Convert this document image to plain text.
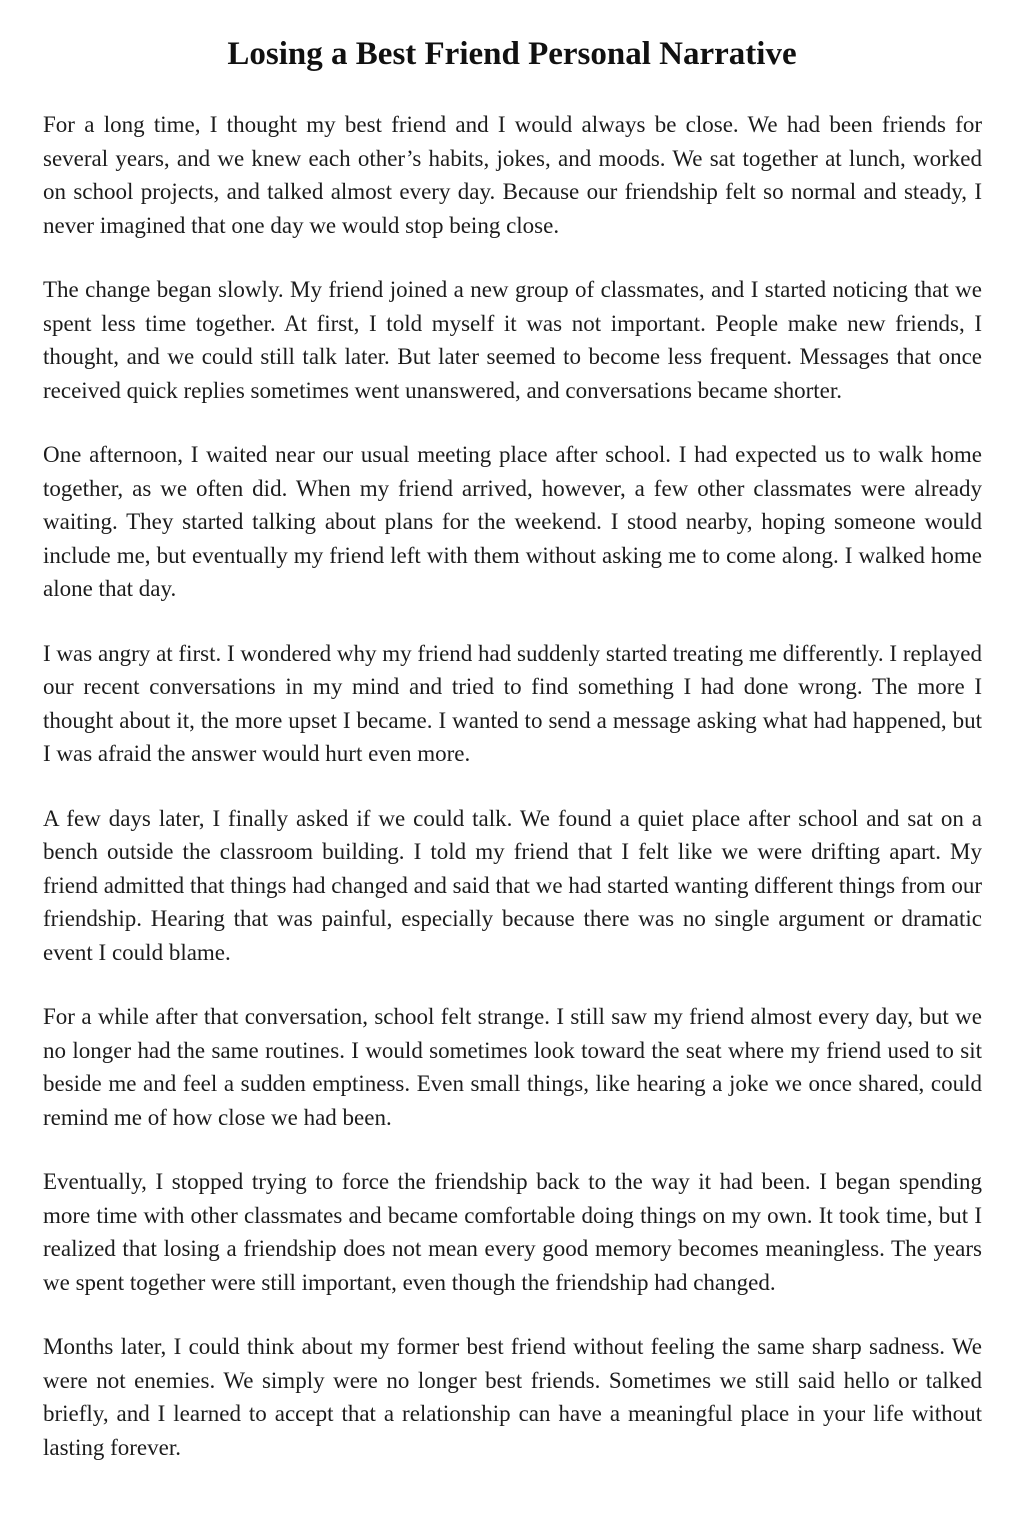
Losing a Best Friend Personal Narrative

For a long time, I thought my best friend and I would always be close. We had been friends for several years, and we knew each other’s habits, jokes, and moods. We sat together at lunch, worked on school projects, and talked almost every day. Because our friendship felt so normal and steady, I never imagined that one day we would stop being close.

The change began slowly. My friend joined a new group of classmates, and I started noticing that we spent less time together. At first, I told myself it was not important. People make new friends, I thought, and we could still talk later. But later seemed to become less frequent. Messages that once received quick replies sometimes went unanswered, and conversations became shorter.

One afternoon, I waited near our usual meeting place after school. I had expected us to walk home together, as we often did. When my friend arrived, however, a few other classmates were already waiting. They started talking about plans for the weekend. I stood nearby, hoping someone would include me, but eventually my friend left with them without asking me to come along. I walked home alone that day.

I was angry at first. I wondered why my friend had suddenly started treating me differently. I replayed our recent conversations in my mind and tried to find something I had done wrong. The more I thought about it, the more upset I became. I wanted to send a message asking what had happened, but I was afraid the answer would hurt even more.

A few days later, I finally asked if we could talk. We found a quiet place after school and sat on a bench outside the classroom building. I told my friend that I felt like we were drifting apart. My friend admitted that things had changed and said that we had started wanting different things from our friendship. Hearing that was painful, especially because there was no single argument or dramatic event I could blame.

For a while after that conversation, school felt strange. I still saw my friend almost every day, but we no longer had the same routines. I would sometimes look toward the seat where my friend used to sit beside me and feel a sudden emptiness. Even small things, like hearing a joke we once shared, could remind me of how close we had been.

Eventually, I stopped trying to force the friendship back to the way it had been. I began spending more time with other classmates and became comfortable doing things on my own. It took time, but I realized that losing a friendship does not mean every good memory becomes meaningless. The years we spent together were still important, even though the friendship had changed.

Months later, I could think about my former best friend without feeling the same sharp sadness. We were not enemies. We simply were no longer best friends. Sometimes we still said hello or talked briefly, and I learned to accept that a relationship can have a meaningful place in your life without lasting forever.
